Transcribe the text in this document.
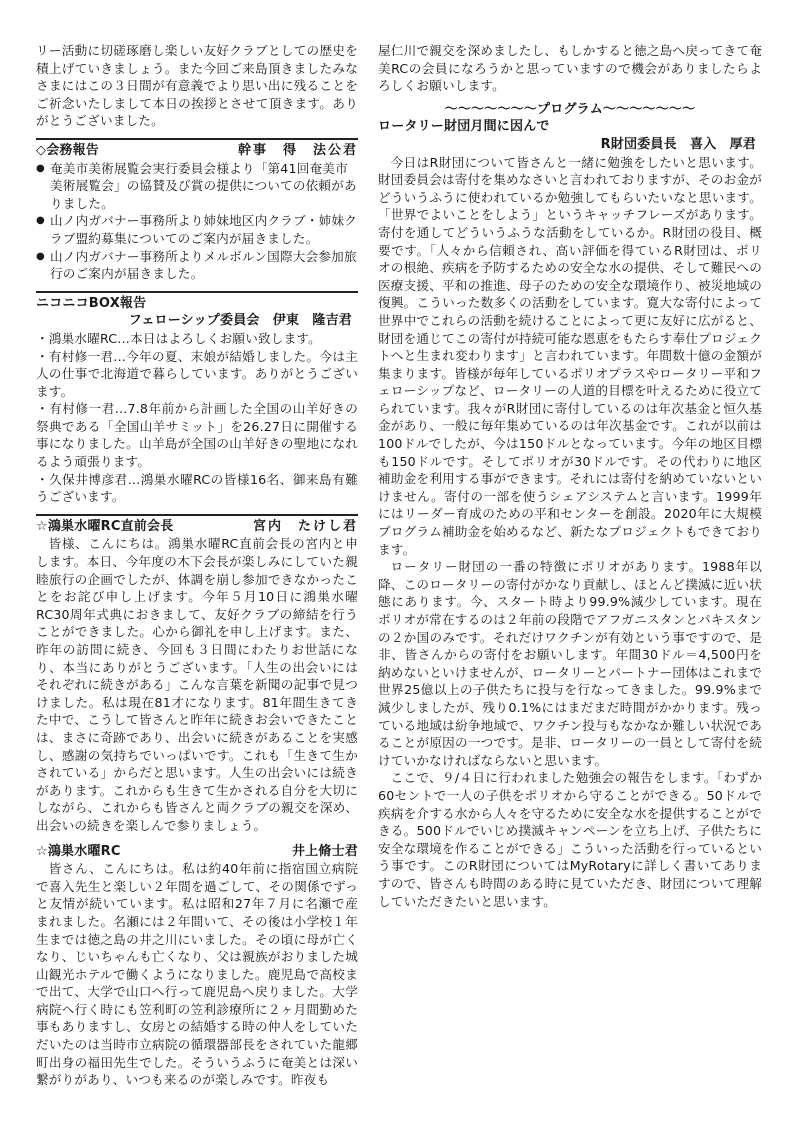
リー活動に切磋琢磨し楽しい友好クラブとしての歴史を積上げていきましょう。また今回ご来島頂きましたみなさまにはこの３日間が有意義でより思い出に残ることをご祈念いたしまして本日の挨拶とさせて頂きます。ありがとうございました。

◇会務報告	幹事　得　法公君
● 奄美市美術展覧会実行委員会様より「第41回奄美市美術展覧会」の協賛及び賞の提供についての依頼がありました。
● 山ノ内ガバナー事務所より姉妹地区内クラブ・姉妹クラブ盟約募集についてのご案内が届きました。
● 山ノ内ガバナー事務所よりメルボルン国際大会参加旅行のご案内が届きました。
ニコニコBOX報告
フェローシップ委員会　伊東　隆吉君

・鴻巣水曜RC…本日はよろしくお願い致します。

・有村修一君…今年の夏、末娘が結婚しました。今は主人の仕事で北海道で暮らしています。ありがとうございます。

・有村修一君…7.8年前から計画した全国の山羊好きの祭典である「全国山羊サミット」を26.27日に開催する事になりました。山羊島が全国の山羊好きの聖地になれるよう頑張ります。

・久保井博彦君…鴻巣水曜RCの皆様16名、御来島有難うございます。

☆鴻巣水曜RC直前会長	宮内　たけし君

皆様、こんにちは。鴻巣水曜RC直前会長の宮内と申します。本日、今年度の木下会長が楽しみにしていた親睦旅行の企画でしたが、体調を崩し参加できなかったことをお詫び申し上げます。今年５月10日に鴻巣水曜RC30周年式典におきまして、友好クラブの締結を行うことができました。心から御礼を申し上げます。また、昨年の訪問に続き、今回も３日間にわたりお世話になり、本当にありがとうございます。「人生の出会いにはそれぞれに続きがある」こんな言葉を新聞の記事で見つけました。私は現在81才になります。81年間生きてきた中で、こうして皆さんと昨年に続きお会いできたことは、まさに奇跡であり、出会いに続きがあることを実感し、感謝の気持ちでいっぱいです。これも「生きて生かされている」からだと思います。人生の出会いには続きがあります。これからも生きて生かされる自分を大切にしながら、これからも皆さんと両クラブの親交を深め、出会いの続きを楽しんで参りましょう。

☆鴻巣水曜RC	井上脩士君

皆さん、こんにちは。私は約40年前に指宿国立病院で喜入先生と楽しい２年間を過ごして、その関係でずっと友情が続いています。私は昭和27年７月に名瀬で産まれました。名瀬には２年間いて、その後は小学校１年生までは徳之島の井之川にいました。その頃に母が亡くなり、じいちゃんも亡くなり、父は親族がおりました城山観光ホテルで働くようになりました。鹿児島で高校まで出て、大学で山口へ行って鹿児島へ戻りました。大学病院へ行く時にも笠利町の笠利診療所に２ヶ月間勤めた事もありますし、女房との結婚する時の仲人をしていただいたのは当時市立病院の循環器部長をされていた龍郷町出身の福田先生でした。そういうふうに奄美とは深い繋がりがあり、いつも来るのが楽しみです。昨夜も

屋仁川で親交を深めましたし、もしかすると徳之島へ戻ってきて奄美RCの会員になろうかと思っていますので機会がありましたらよろしくお願いします。

〜〜〜〜〜〜〜プログラム〜〜〜〜〜〜〜
ロータリー財団月間に因んで
R財団委員長　喜入　厚君

今日はR財団について皆さんと一緒に勉強をしたいと思います。財団委員会は寄付を集めなさいと言われておりますが、そのお金がどういうふうに使われているか勉強してもらいたいなと思います。「世界でよいことをしよう」というキャッチフレーズがあります。寄付を通してどういうふうな活動をしているか。R財団の役目、概要です。「人々から信頼され、高い評価を得ているR財団は、ポリオの根絶、疾病を予防するための安全な水の提供、そして難民への医療支援、平和の推進、母子のための安全な環境作り、被災地域の復興。こういった数多くの活動をしています。寛大な寄付によって世界中でこれらの活動を続けることによって更に友好に広がると、財団を通じてこの寄付が持続可能な恩恵をもたらす奉仕プロジェクトへと生まれ変わります」と言われています。年間数十億の金額が集まります。皆様が毎年しているポリオプラスやロータリー平和フェローシップなど、ロータリーの人道的目標を叶えるために役立てられています。我々がR財団に寄付しているのは年次基金と恒久基金があり、一般に毎年集めているのは年次基金です。これが以前は100ドルでしたが、今は150ドルとなっています。今年の地区目標も150ドルです。そしてポリオが30ドルです。その代わりに地区補助金を利用する事ができます。それには寄付を納めていないといけません。寄付の一部を使うシェアシステムと言います。1999年にはリーダー育成のための平和センターを創設。2020年に大規模プログラム補助金を始めるなど、新たなプロジェクトもできております。

ロータリー財団の一番の特徴にポリオがあります。1988年以降、このロータリーの寄付がかなり貢献し、ほとんど撲滅に近い状態にあります。今、スタート時より99.9%減少しています。現在ポリオが常在するのは２年前の段階でアフガニスタンとパキスタンの２か国のみです。それだけワクチンが有効という事ですので、是非、皆さんからの寄付をお願いします。年間30ドル＝4,500円を納めないといけませんが、ロータリーとパートナー団体はこれまで世界25億以上の子供たちに投与を行なってきました。99.9%まで減少しましたが、残り0.1%にはまだまだ時間がかかります。残っている地域は紛争地域で、ワクチン投与もなかなか難しい状況であることが原因の一つです。是非、ロータリーの一員として寄付を続けていかなければならないと思います。

ここで、９/４日に行われました勉強会の報告をします。「わずか60セントで一人の子供をポリオから守ることができる。50ドルで疾病を介する水から人々を守るために安全な水を提供することができる。500ドルでいじめ撲滅キャンペーンを立ち上げ、子供たちに安全な環境を作ることができる」こういった活動を行っているという事です。このR財団についてはMyRotaryに詳しく書いてありますので、皆さんも時間のある時に見ていただき、財団について理解していただきたいと思います。
